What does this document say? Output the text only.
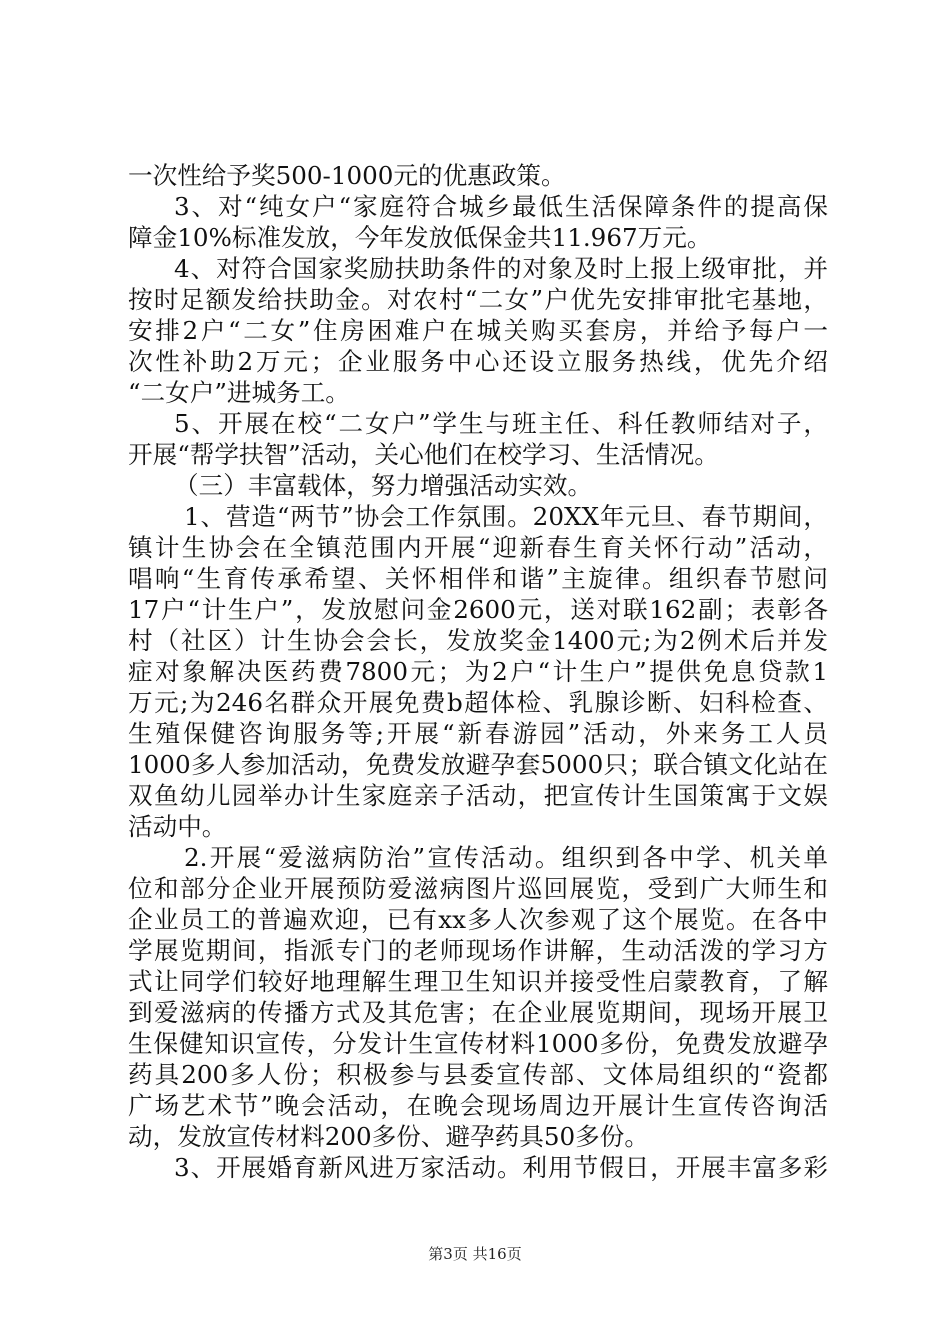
一次性给予奖500-1000元的优惠政策。
3、对“纯女户“家庭符合城乡最低生活保障条件的提高保
障金10%标准发放，今年发放低保金共11.967万元。
4、对符合国家奖励扶助条件的对象及时上报上级审批，并
按时足额发给扶助金。对农村“二女”户优先安排审批宅基地，
安排2户“二女”住房困难户在城关购买套房，并给予每户一
次性补助2万元；企业服务中心还设立服务热线，优先介绍
“二女户”进城务工。
5、开展在校“二女户”学生与班主任、科任教师结对子，
开展“帮学扶智”活动，关心他们在校学习、生活情况。
（三）丰富载体，努力增强活动实效。
1、营造“两节”协会工作氛围。20XX年元旦、春节期间，
镇计生协会在全镇范围内开展“迎新春生育关怀行动”活动，
唱响“生育传承希望、关怀相伴和谐”主旋律。组织春节慰问
17户“计生户”，发放慰问金2600元，送对联162副；表彰各
村（社区）计生协会会长，发放奖金1400元;为2例术后并发
症对象解决医药费7800元；为2户“计生户”提供免息贷款1
万元;为246名群众开展免费b超体检、乳腺诊断、妇科检查、
生殖保健咨询服务等;开展“新春游园”活动，外来务工人员
1000多人参加活动，免费发放避孕套5000只；联合镇文化站在
双鱼幼儿园举办计生家庭亲子活动，把宣传计生国策寓于文娱
活动中。
2.开展“爱滋病防治”宣传活动。组织到各中学、机关单
位和部分企业开展预防爱滋病图片巡回展览，受到广大师生和
企业员工的普遍欢迎，已有xx多人次参观了这个展览。在各中
学展览期间，指派专门的老师现场作讲解，生动活泼的学习方
式让同学们较好地理解生理卫生知识并接受性启蒙教育，了解
到爱滋病的传播方式及其危害；在企业展览期间，现场开展卫
生保健知识宣传，分发计生宣传材料1000多份，免费发放避孕
药具200多人份；积极参与县委宣传部、文体局组织的“瓷都
广场艺术节”晚会活动，在晚会现场周边开展计生宣传咨询活
动，发放宣传材料200多份、避孕药具50多份。
3、开展婚育新风进万家活动。利用节假日，开展丰富多彩
第3页 共16页
